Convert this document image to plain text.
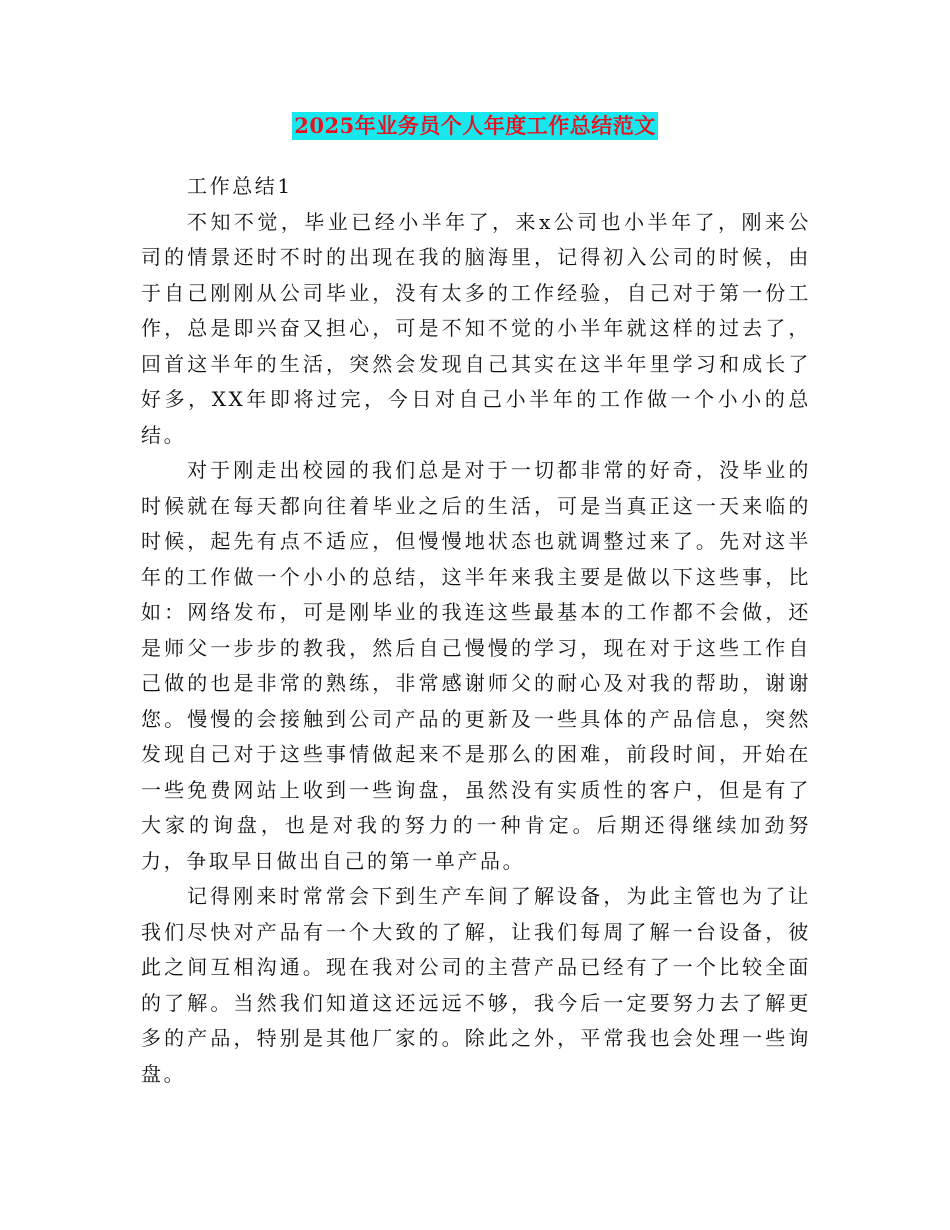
2025年业务员个人年度工作总结范文

工作总结1

不知不觉，毕业已经小半年了，来x公司也小半年了，刚来公司的情景还时不时的出现在我的脑海里，记得初入公司的时候，由于自己刚刚从公司毕业，没有太多的工作经验，自己对于第一份工作，总是即兴奋又担心，可是不知不觉的小半年就这样的过去了，回首这半年的生活，突然会发现自己其实在这半年里学习和成长了好多，XX年即将过完，今日对自己小半年的工作做一个小小的总结。

对于刚走出校园的我们总是对于一切都非常的好奇，没毕业的时候就在每天都向往着毕业之后的生活，可是当真正这一天来临的时候，起先有点不适应，但慢慢地状态也就调整过来了。先对这半年的工作做一个小小的总结，这半年来我主要是做以下这些事，比如：网络发布，可是刚毕业的我连这些最基本的工作都不会做，还是师父一步步的教我，然后自己慢慢的学习，现在对于这些工作自己做的也是非常的熟练，非常感谢师父的耐心及对我的帮助，谢谢您。慢慢的会接触到公司产品的更新及一些具体的产品信息，突然发现自己对于这些事情做起来不是那么的困难，前段时间，开始在一些免费网站上收到一些询盘，虽然没有实质性的客户，但是有了大家的询盘，也是对我的努力的一种肯定。后期还得继续加劲努力，争取早日做出自己的第一单产品。

记得刚来时常常会下到生产车间了解设备，为此主管也为了让我们尽快对产品有一个大致的了解，让我们每周了解一台设备，彼此之间互相沟通。现在我对公司的主营产品已经有了一个比较全面的了解。当然我们知道这还远远不够，我今后一定要努力去了解更多的产品，特别是其他厂家的。除此之外，平常我也会处理一些询盘。
